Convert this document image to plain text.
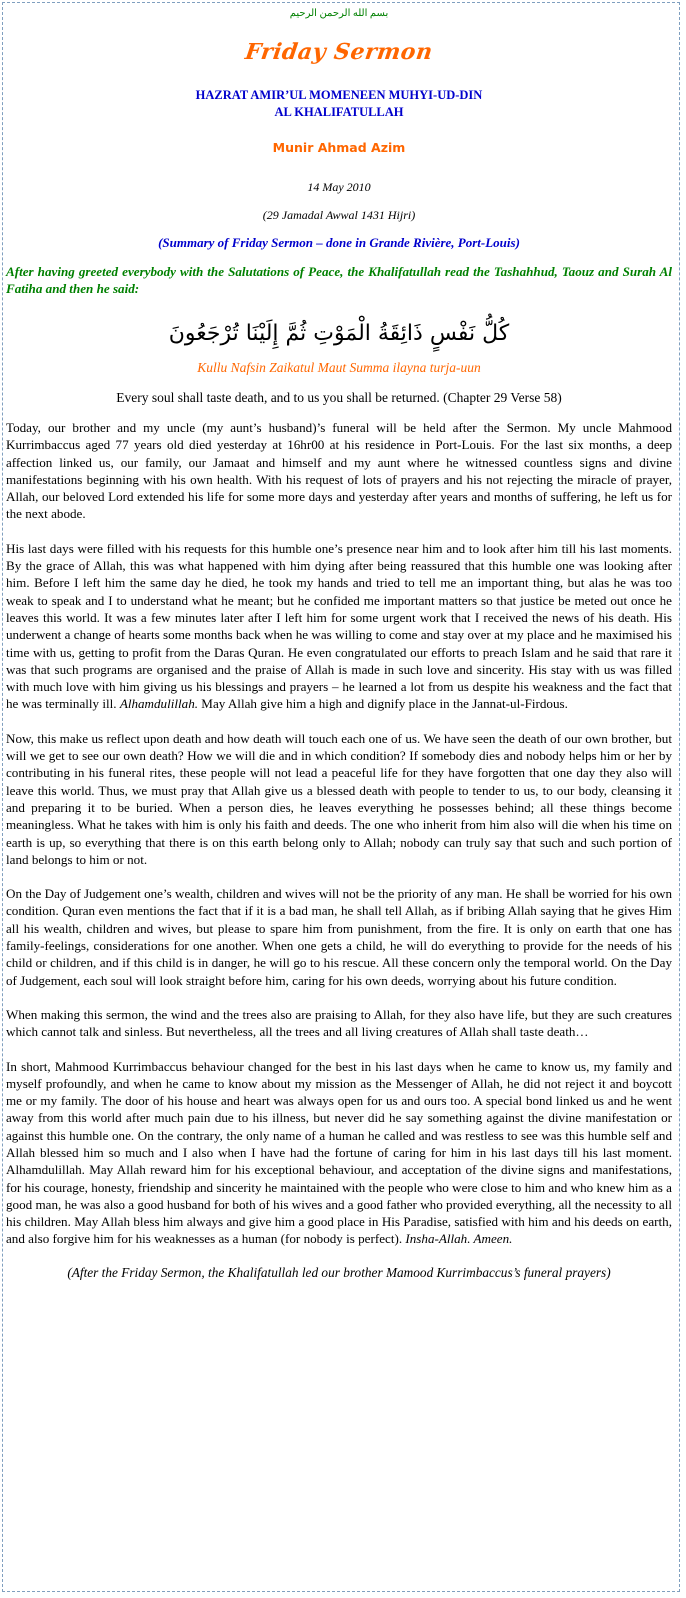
بسم الله الرحمن الرحيم

Friday Sermon

HAZRAT AMIR’UL MOMENEEN MUHYI-UD-DIN
AL KHALIFATULLAH

Munir Ahmad Azim

14 May 2010

(29 Jamadal Awwal 1431 Hijri)

(Summary of Friday Sermon – done in Grande Rivière, Port-Louis)

After having greeted everybody with the Salutations of Peace, the Khalifatullah read the Tashahhud, Taouz and Surah Al Fatiha and then he said:

كُلُّ نَفْسٍ ذَائِقَةُ الْمَوْتِ ثُمَّ إِلَيْنَا تُرْجَعُونَ

Kullu Nafsin Zaikatul Maut Summa ilayna turja-uun

Every soul shall taste death, and to us you shall be returned. (Chapter 29 Verse 58)

Today, our brother and my uncle (my aunt’s husband)’s funeral will be held after the Sermon. My uncle Mahmood Kurrimbaccus aged 77 years old died yesterday at 16hr00 at his residence in Port-Louis. For the last six months, a deep affection linked us, our family, our Jamaat and himself and my aunt where he witnessed countless signs and divine manifestations beginning with his own health. With his request of lots of prayers and his not rejecting the miracle of prayer, Allah, our beloved Lord extended his life for some more days and yesterday after years and months of suffering, he left us for the next abode.

His last days were filled with his requests for this humble one’s presence near him and to look after him till his last moments. By the grace of Allah, this was what happened with him dying after being reassured that this humble one was looking after him. Before I left him the same day he died, he took my hands and tried to tell me an important thing, but alas he was too weak to speak and I to understand what he meant; but he confided me important matters so that justice be meted out once he leaves this world. It was a few minutes later after I left him for some urgent work that I received the news of his death. His underwent a change of hearts some months back when he was willing to come and stay over at my place and he maximised his time with us, getting to profit from the Daras Quran. He even congratulated our efforts to preach Islam and he said that rare it was that such programs are organised and the praise of Allah is made in such love and sincerity. His stay with us was filled with much love with him giving us his blessings and prayers – he learned a lot from us despite his weakness and the fact that he was terminally ill. Alhamdulillah. May Allah give him a high and dignify place in the Jannat-ul-Firdous.

Now, this make us reflect upon death and how death will touch each one of us. We have seen the death of our own brother, but will we get to see our own death? How we will die and in which condition? If somebody dies and nobody helps him or her by contributing in his funeral rites, these people will not lead a peaceful life for they have forgotten that one day they also will leave this world. Thus, we must pray that Allah give us a blessed death with people to tender to us, to our body, cleansing it and preparing it to be buried. When a person dies, he leaves everything he possesses behind; all these things become meaningless. What he takes with him is only his faith and deeds. The one who inherit from him also will die when his time on earth is up, so everything that there is on this earth belong only to Allah; nobody can truly say that such and such portion of land belongs to him or not.

On the Day of Judgement one’s wealth, children and wives will not be the priority of any man. He shall be worried for his own condition. Quran even mentions the fact that if it is a bad man, he shall tell Allah, as if bribing Allah saying that he gives Him all his wealth, children and wives, but please to spare him from punishment, from the fire. It is only on earth that one has family-feelings, considerations for one another. When one gets a child, he will do everything to provide for the needs of his child or children, and if this child is in danger, he will go to his rescue. All these concern only the temporal world. On the Day of Judgement, each soul will look straight before him, caring for his own deeds, worrying about his future condition.

When making this sermon, the wind and the trees also are praising to Allah, for they also have life, but they are such creatures which cannot talk and sinless. But nevertheless, all the trees and all living creatures of Allah shall taste death…

In short, Mahmood Kurrimbaccus behaviour changed for the best in his last days when he came to know us, my family and myself profoundly, and when he came to know about my mission as the Messenger of Allah, he did not reject it and boycott me or my family. The door of his house and heart was always open for us and ours too. A special bond linked us and he went away from this world after much pain due to his illness, but never did he say something against the divine manifestation or against this humble one. On the contrary, the only name of a human he called and was restless to see was this humble self and Allah blessed him so much and I also when I have had the fortune of caring for him in his last days till his last moment. Alhamdulillah. May Allah reward him for his exceptional behaviour, and acceptation of the divine signs and manifestations, for his courage, honesty, friendship and sincerity he maintained with the people who were close to him and who knew him as a good man, he was also a good husband for both of his wives and a good father who provided everything, all the necessity to all his children. May Allah bless him always and give him a good place in His Paradise, satisfied with him and his deeds on earth, and also forgive him for his weaknesses as a human (for nobody is perfect). Insha-Allah. Ameen.

(After the Friday Sermon, the Khalifatullah led our brother Mamood Kurrimbaccus’s funeral prayers)
